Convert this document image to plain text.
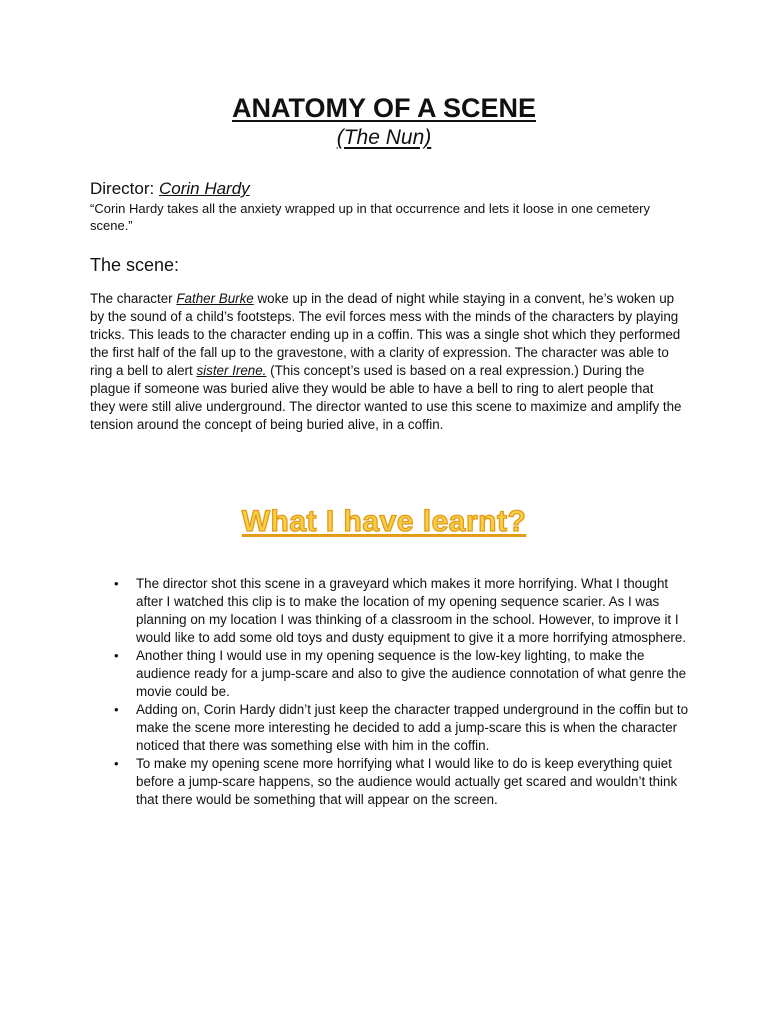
ANATOMY OF A SCENE
(The Nun)
Director: Corin Hardy
“Corin Hardy takes all the anxiety wrapped up in that occurrence and lets it loose in one cemetery scene.”
The scene:

The character Father Burke woke up in the dead of night while staying in a convent, he’s woken up by the sound of a child’s footsteps. The evil forces mess with the minds of the characters by playing tricks. This leads to the character ending up in a coffin. This was a single shot which they performed the first half of the fall up to the gravestone, with a clarity of expression. The character was able to ring a bell to alert sister Irene. (This concept’s used is based on a real expression.) During the plague if someone was buried alive they would be able to have a bell to ring to alert people that they were still alive underground. The director wanted to use this scene to maximize and amplify the tension around the concept of being buried alive, in a coffin.

What I have learnt?
• The director shot this scene in a graveyard which makes it more horrifying. What I thought after I watched this clip is to make the location of my opening sequence scarier. As I was planning on my location I was thinking of a classroom in the school. However, to improve it I would like to add some old toys and dusty equipment to give it a more horrifying atmosphere.
• Another thing I would use in my opening sequence is the low-key lighting, to make the audience ready for a jump-scare and also to give the audience connotation of what genre the movie could be.
• Adding on, Corin Hardy didn’t just keep the character trapped underground in the coffin but to make the scene more interesting he decided to add a jump-scare this is when the character noticed that there was something else with him in the coffin.
• To make my opening scene more horrifying what I would like to do is keep everything quiet before a jump-scare happens, so the audience would actually get scared and wouldn’t think that there would be something that will appear on the screen.
